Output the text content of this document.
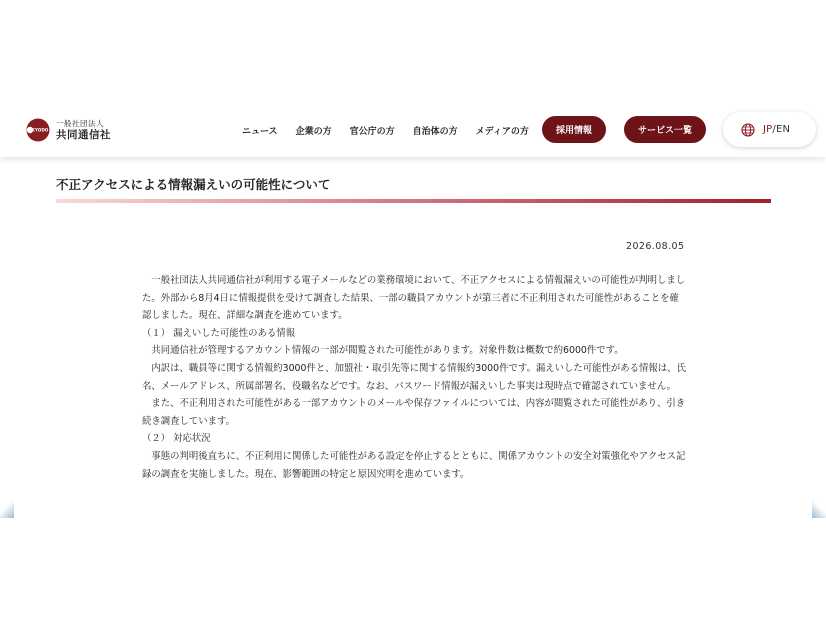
KYODO
一般社団法人
共同通信社	ニュース 企業の方 官公庁の方 自治体の方 メディアの方	採用情報	サービス一覧	JP/EN
不正アクセスによる情報漏えいの可能性について
2026.08.05

　一般社団法人共同通信社が利用する電子メールなどの業務環境において、不正アクセスによる情報漏えいの可能性が判明しました。外部から8月4日に情報提供を受けて調査した結果、一部の職員アカウントが第三者に不正利用された可能性があることを確認しました。現在、詳細な調査を進めています。

（１） 漏えいした可能性のある情報

　共同通信社が管理するアカウント情報の一部が閲覧された可能性があります。対象件数は概数で約6000件です。

　内訳は、職員等に関する情報約3000件と、加盟社・取引先等に関する情報約3000件です。漏えいした可能性がある情報は、氏名、メールアドレス、所属部署名、役職名などです。なお、パスワード情報が漏えいした事実は現時点で確認されていません。

　また、不正利用された可能性がある一部アカウントのメールや保存ファイルについては、内容が閲覧された可能性があり、引き続き調査しています。

（２） 対応状況

　事態の判明後直ちに、不正利用に関係した可能性がある設定を停止するとともに、関係アカウントの安全対策強化やアクセス記録の調査を実施しました。現在、影響範囲の特定と原因究明を進めています。
